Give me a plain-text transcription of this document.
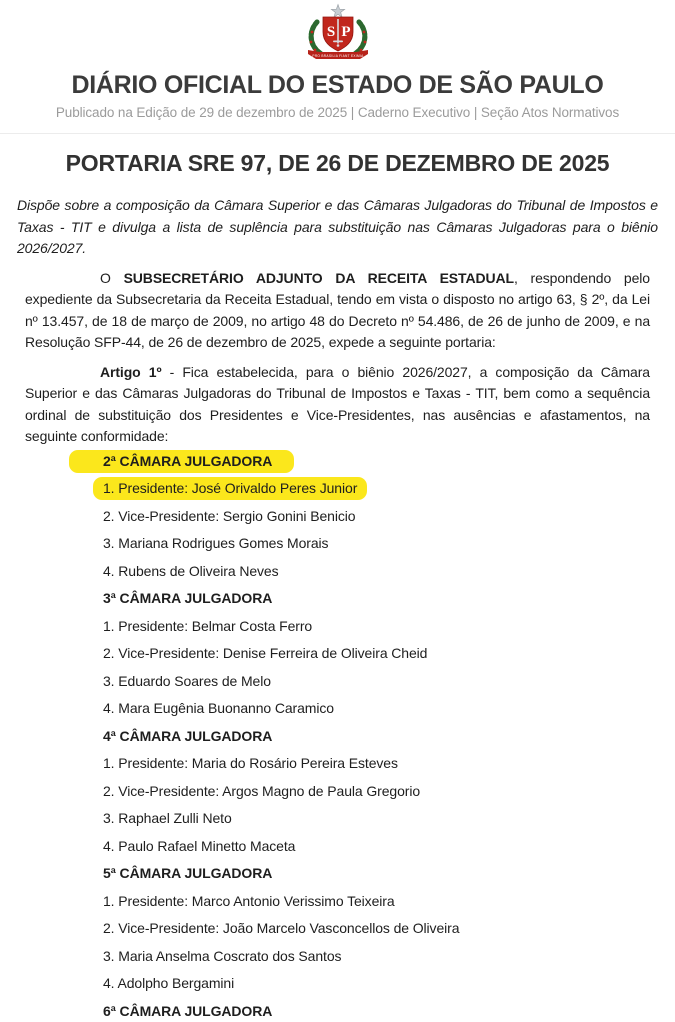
S P
PRO BRASILIA FIANT EXIMIA
DIÁRIO OFICIAL DO ESTADO DE SÃO PAULO
Publicado na Edição de 29 de dezembro de 2025 | Caderno Executivo | Seção Atos Normativos
PORTARIA SRE 97, DE 26 DE DEZEMBRO DE 2025

Dispõe sobre a composição da Câmara Superior e das Câmaras Julgadoras do Tribunal de Impostos e Taxas - TIT e divulga a lista de suplência para substituição nas Câmaras Julgadoras para o biênio 2026/2027.

O SUBSECRETÁRIO ADJUNTO DA RECEITA ESTADUAL, respondendo pelo expediente da Subsecretaria da Receita Estadual, tendo em vista o disposto no artigo 63, § 2º, da Lei nº 13.457, de 18 de março de 2009, no artigo 48 do Decreto nº 54.486, de 26 de junho de 2009, e na Resolução SFP-44, de 26 de dezembro de 2025, expede a seguinte portaria:

Artigo 1º - Fica estabelecida, para o biênio 2026/2027, a composição da Câmara Superior e das Câmaras Julgadoras do Tribunal de Impostos e Taxas - TIT, bem como a sequência ordinal de substituição dos Presidentes e Vice-Presidentes, nas ausências e afastamentos, na seguinte conformidade:

2ª CÂMARA JULGADORA
1. Presidente: José Orivaldo Peres Junior
2. Vice-Presidente: Sergio Gonini Benicio
3. Mariana Rodrigues Gomes Morais
4. Rubens de Oliveira Neves
3ª CÂMARA JULGADORA
1. Presidente: Belmar Costa Ferro
2. Vice-Presidente: Denise Ferreira de Oliveira Cheid
3. Eduardo Soares de Melo
4. Mara Eugênia Buonanno Caramico
4ª CÂMARA JULGADORA
1. Presidente: Maria do Rosário Pereira Esteves
2. Vice-Presidente: Argos Magno de Paula Gregorio
3. Raphael Zulli Neto
4. Paulo Rafael Minetto Maceta
5ª CÂMARA JULGADORA
1. Presidente: Marco Antonio Verissimo Teixeira
2. Vice-Presidente: João Marcelo Vasconcellos de Oliveira
3. Maria Anselma Coscrato dos Santos
4. Adolpho Bergamini
6ª CÂMARA JULGADORA
